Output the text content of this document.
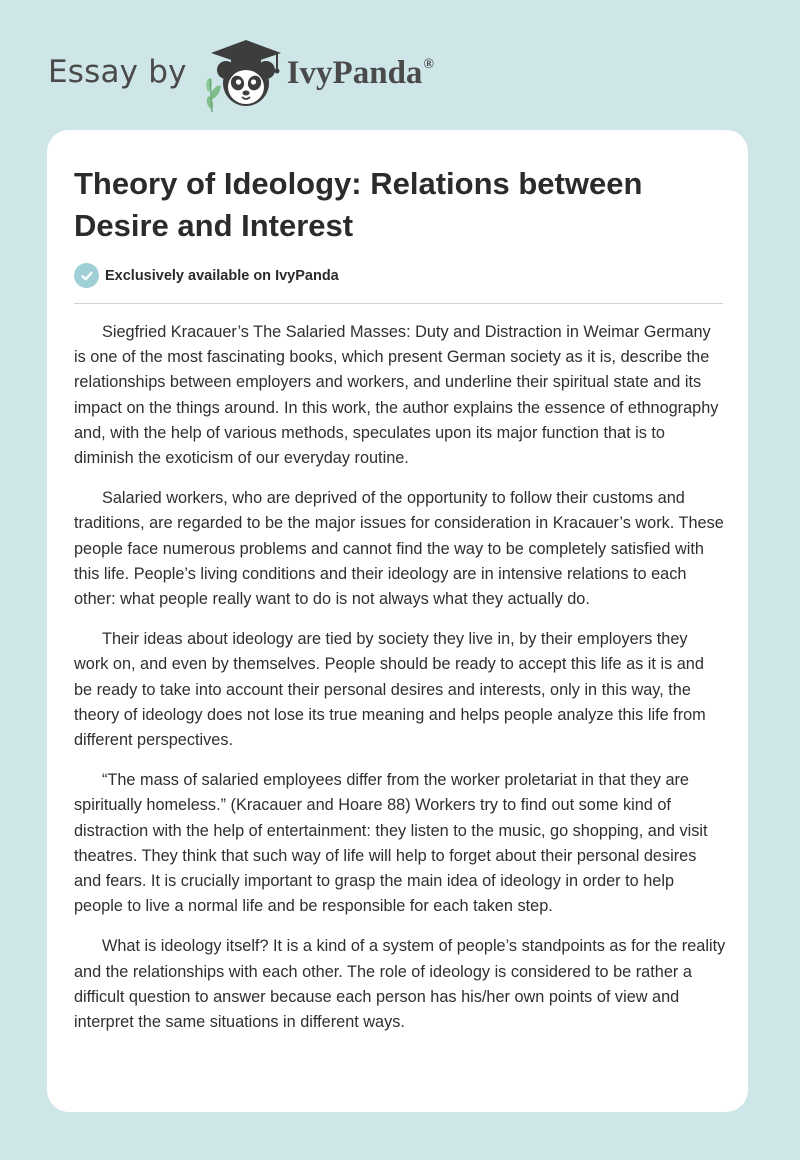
Essay by	IvyPanda®
Theory of Ideology: Relations between Desire and Interest
Exclusively available on IvyPanda

Siegfried Kracauer’s The Salaried Masses: Duty and Distraction in Weimar Germany is one of the most fascinating books, which present German society as it is, describe the relationships between employers and workers, and underline their spiritual state and its impact on the things around. In this work, the author explains the essence of ethnography and, with the help of various methods, speculates upon its major function that is to diminish the exoticism of our everyday routine.

Salaried workers, who are deprived of the opportunity to follow their customs and traditions, are regarded to be the major issues for consideration in Kracauer’s work. These people face numerous problems and cannot find the way to be completely satisfied with this life. People’s living conditions and their ideology are in intensive relations to each other: what people really want to do is not always what they actually do.

Their ideas about ideology are tied by society they live in, by their employers they work on, and even by themselves. People should be ready to accept this life as it is and be ready to take into account their personal desires and interests, only in this way, the theory of ideology does not lose its true meaning and helps people analyze this life from different perspectives.

“The mass of salaried employees differ from the worker proletariat in that they are spiritually homeless.” (Kracauer and Hoare 88) Workers try to find out some kind of distraction with the help of entertainment: they listen to the music, go shopping, and visit theatres. They think that such way of life will help to forget about their personal desires and fears. It is crucially important to grasp the main idea of ideology in order to help people to live a normal life and be responsible for each taken step.

What is ideology itself? It is a kind of a system of people’s standpoints as for the reality and the relationships with each other. The role of ideology is considered to be rather a difficult question to answer because each person has his/her own points of view and interpret the same situations in different ways.
